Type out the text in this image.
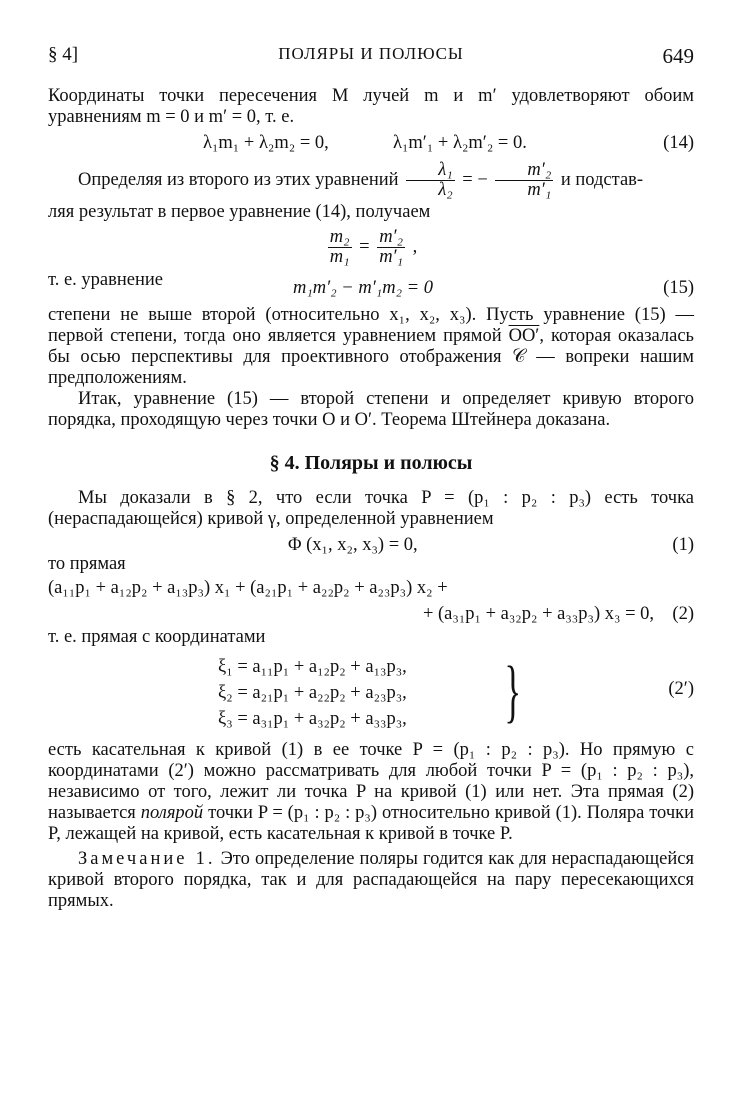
§ 4]	ПОЛЯРЫ И ПОЛЮСЫ	649

Координаты точки пересечения M лучей m и m′ удовлетворяют обоим уравнениям m = 0 и m′ = 0, т. е.

λ₁m₁ + λ₂m₂ = 0,	λ₁m′₁ + λ₂m′₂ = 0.	(14)

Определяя из второго из этих уравнений $\frac{\text{λ₁}}{\text{λ₂}}$ = − $\frac{\text{m′₂}}{\text{m′₁}}$ и подстав-

ляя результат в первое уравнение (14), получаем

$\frac{\text{m₂}}{\text{m₁}} = \frac{\text{m′₂}}{\text{m′₁}}$ ,
т. е. уравнение	m₁m′₂ − m′₁m₂ = 0	(15)

степени не выше второй (относительно x₁, x₂, x₃). Пусть уравнение (15) — первой степени, тогда оно является уравнением прямой OO′, которая оказалась бы осью перспективы для проективного отображения 𝒞 — вопреки нашим предположениям.

Итак, уравнение (15) — второй степени и определяет кривую второго порядка, проходящую через точки O и O′. Теорема Штейнера доказана.

§ 4. Поляры и полюсы

Мы доказали в § 2, что если точка P = (p₁ : p₂ : p₃) есть точка (нераспадающейся) кривой γ, определенной уравнением

Φ (x₁, x₂, x₃) = 0,	(1)

то прямая

(a₁₁p₁ + a₁₂p₂ + a₁₃p₃) x₁ + (a₂₁p₁ + a₂₂p₂ + a₂₃p₃) x₂ +
+ (a₃₁p₁ + a₃₂p₂ + a₃₃p₃) x₃ = 0, (2)

т. е. прямая с координатами

ξ₁ = a₁₁p₁ + a₁₂p₂ + a₁₃p₃,
ξ₂ = a₂₁p₁ + a₂₂p₂ + a₂₃p₃,
ξ₃ = a₃₁p₁ + a₃₂p₂ + a₃₃p₃, }	(2′)

есть касательная к кривой (1) в ее точке P = (p₁ : p₂ : p₃). Но прямую с координатами (2′) можно рассматривать для любой точки P = (p₁ : p₂ : p₃), независимо от того, лежит ли точка P на кривой (1) или нет. Эта прямая (2) называется полярой точки P = (p₁ : p₂ : p₃) относительно кривой (1). Поляра точки P, лежащей на кривой, есть касательная к кривой в точке P.

Замечание 1. Это определение поляры годится как для нераспадающейся кривой второго порядка, так и для распадающейся на пару пересекающихся прямых.
